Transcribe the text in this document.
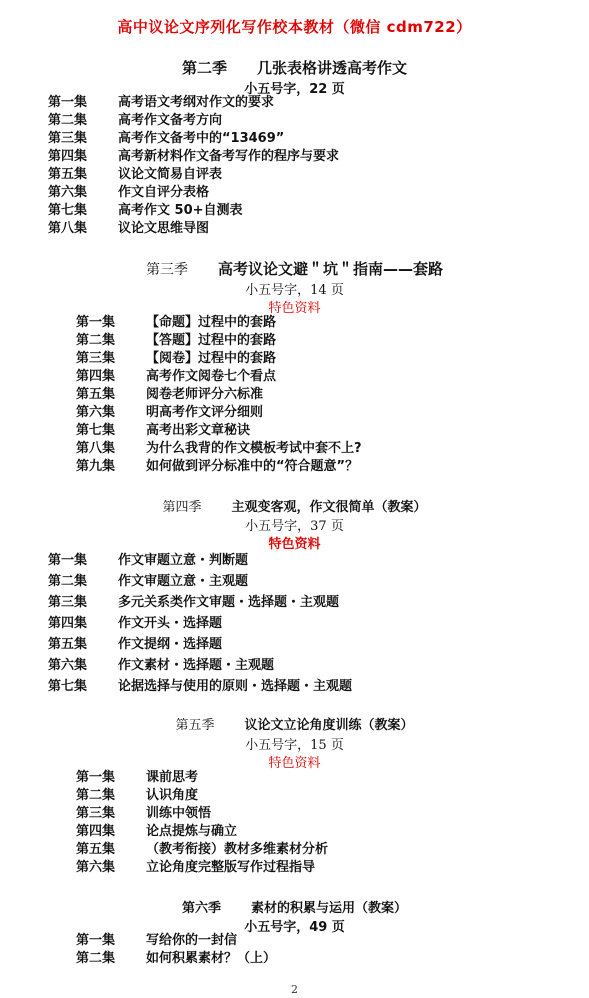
高中议论文序列化写作校本教材（微信 cdm722）
第二季 几张表格讲透高考作文
小五号字，22 页
第一集 高考语文考纲对作文的要求
第二集 高考作文备考方向
第三集 高考作文备考中的“13469”
第四集 高考新材料作文备考写作的程序与要求
第五集 议论文简易自评表
第六集 作文自评分表格
第七集 高考作文 50+自测表
第八集 议论文思维导图
第三季 高考议论文避＂坑＂指南——套路
小五号字，14 页
特色资料
第一集 【命题】过程中的套路
第二集 【答题】过程中的套路
第三集 【阅卷】过程中的套路
第四集 高考作文阅卷七个看点
第五集 阅卷老师评分六标准
第六集 明高考作文评分细则
第七集 高考出彩文章秘诀
第八集 为什么我背的作文模板考试中套不上?
第九集 如何做到评分标准中的“符合题意”？
第四季 主观变客观，作文很简单（教案）
小五号字，37 页
特色资料
第一集 作文审题立意・判断题
第二集 作文审题立意・主观题
第三集 多元关系类作文审题・选择题・主观题
第四集 作文开头・选择题
第五集 作文提纲・选择题
第六集 作文素材・选择题・主观题
第七集 论据选择与使用的原则・选择题・主观题
第五季 议论文立论角度训练（教案）
小五号字，15 页
特色资料
第一集 课前思考
第二集 认识角度
第三集 训练中领悟
第四集 论点提炼与确立
第五集 （教考衔接）教材多维素材分析
第六集 立论角度完整版写作过程指导
第六季 素材的积累与运用（教案）
小五号字，49 页
第一集 写给你的一封信
第二集 如何积累素材？（上）
2
